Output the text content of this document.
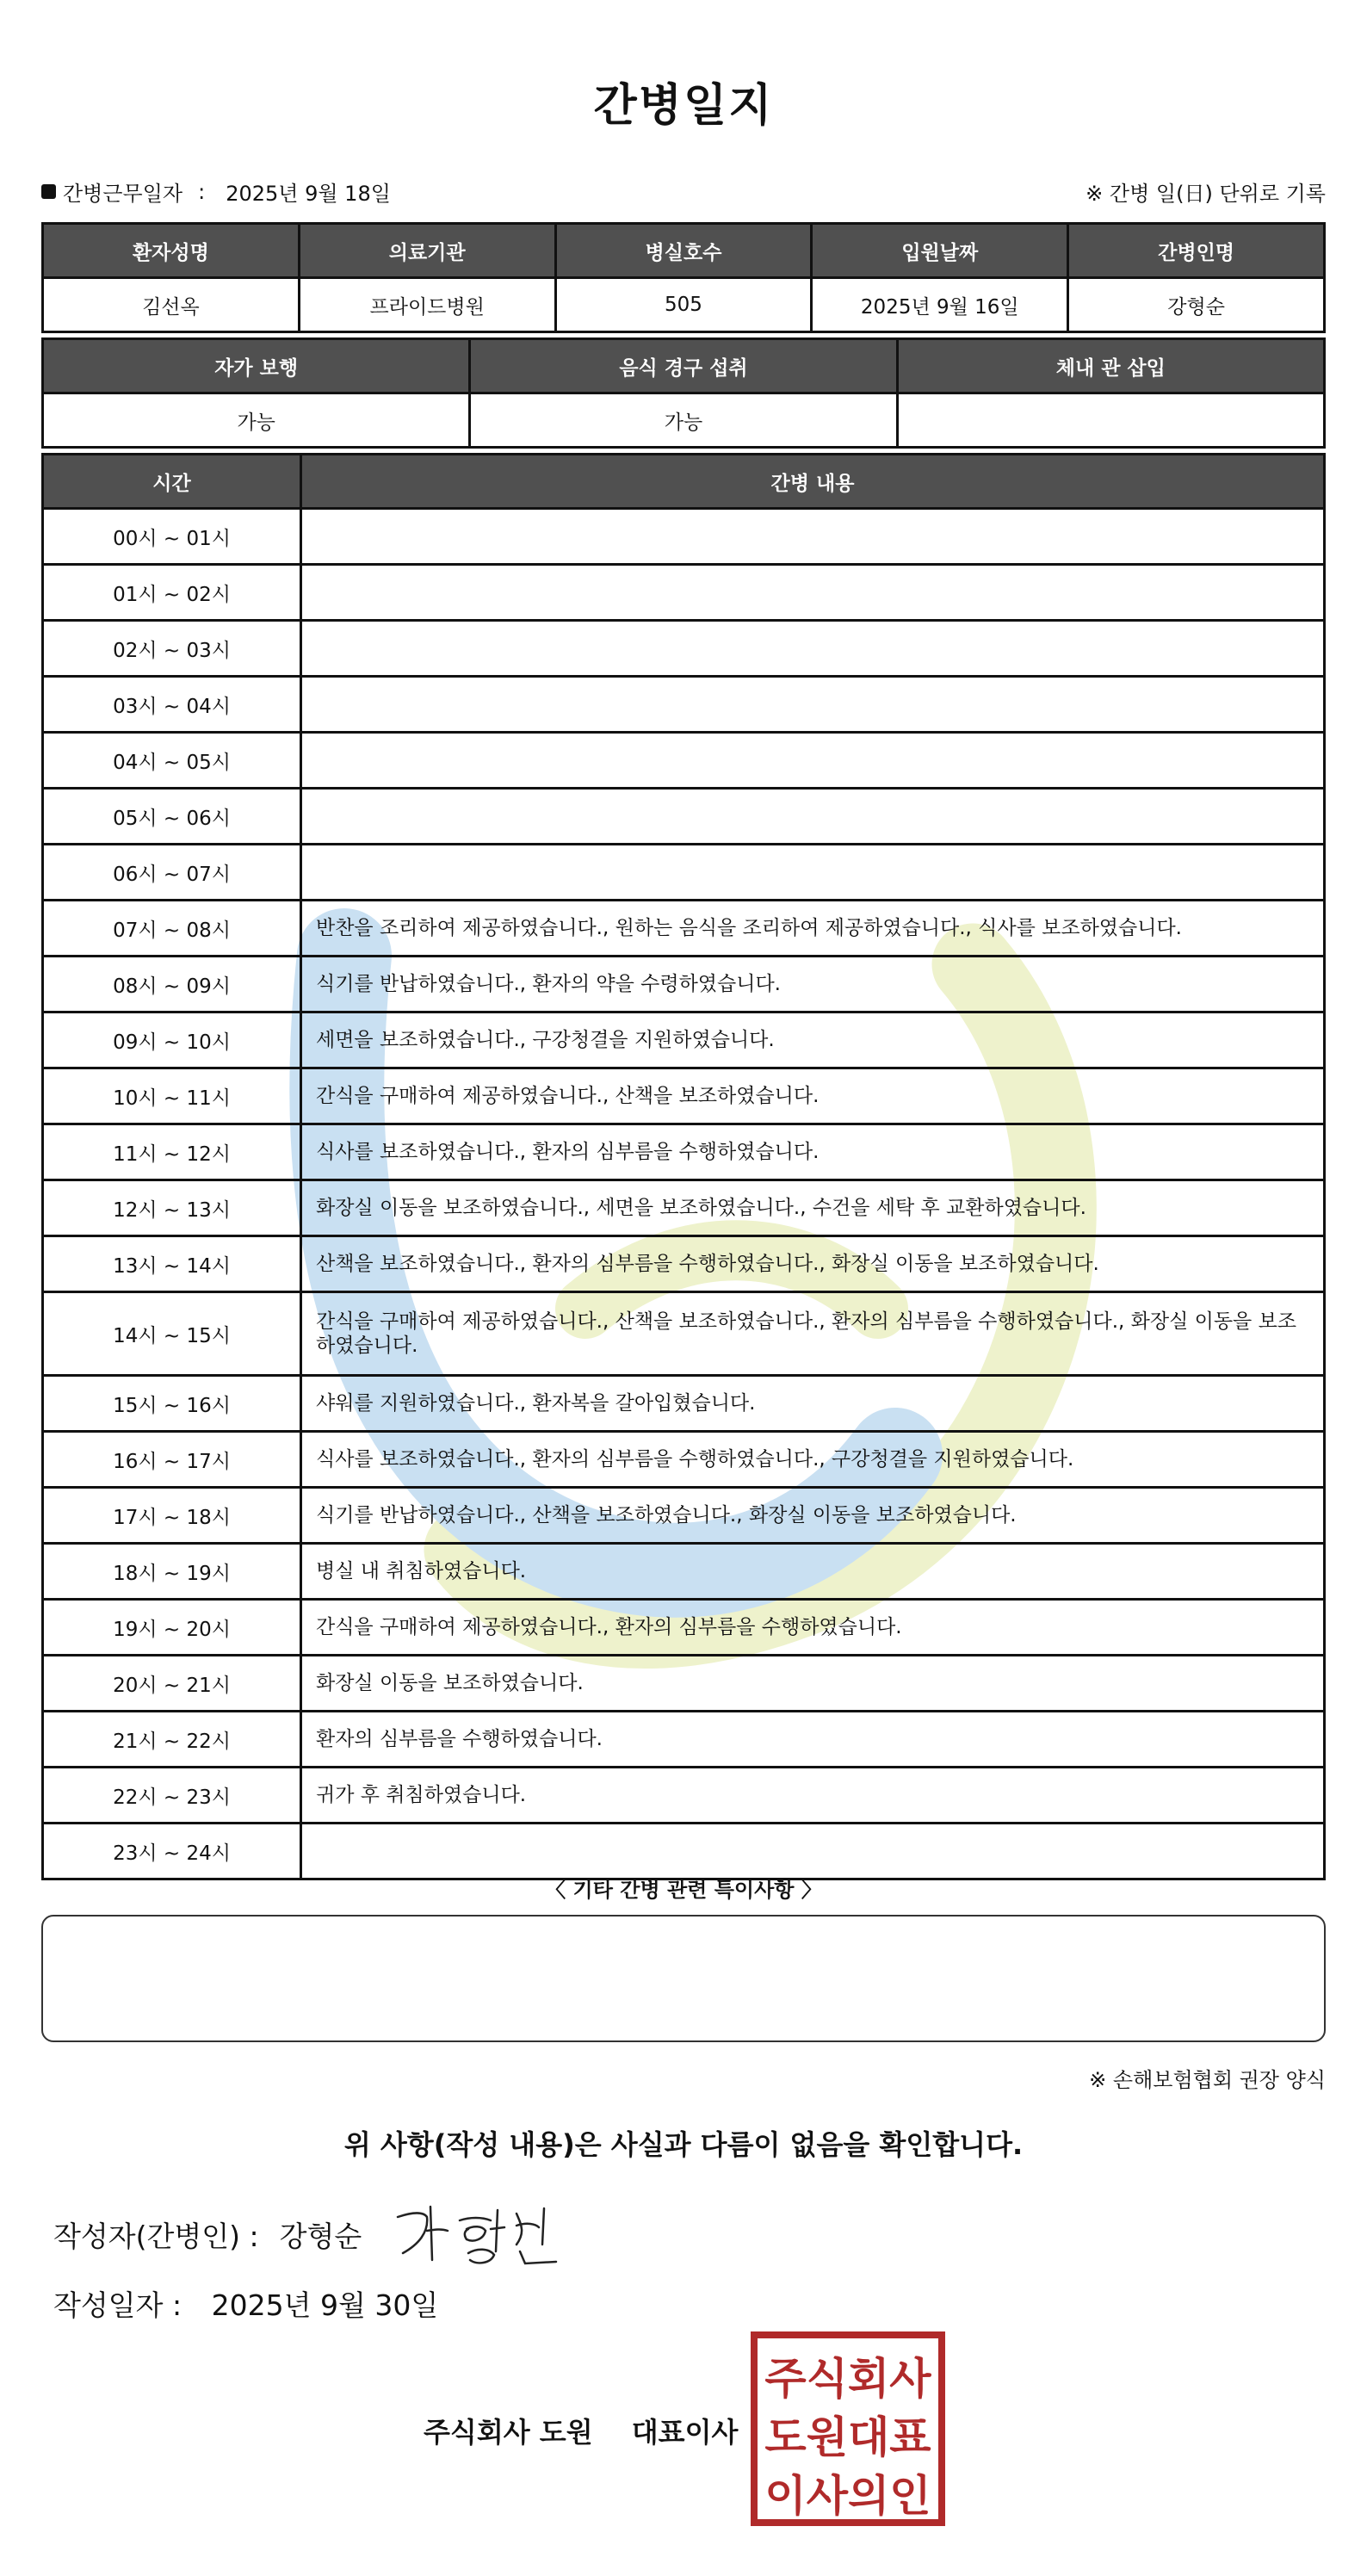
간병일지
간병근무일자 : 2025년 9월 18일	※ 간병 일(日) 단위로 기록
환자성명	의료기관	병실호수	입원날짜	간병인명
김선옥	프라이드병원	505	2025년 9월 16일	강형순
자가 보행	음식 경구 섭취	체내 관 삽입
가능	가능	
시간	간병 내용
00시 ~ 01시	
01시 ~ 02시	
02시 ~ 03시	
03시 ~ 04시	
04시 ~ 05시	
05시 ~ 06시	
06시 ~ 07시	
07시 ~ 08시	반찬을 조리하여 제공하였습니다., 원하는 음식을 조리하여 제공하였습니다., 식사를 보조하였습니다.
08시 ~ 09시	식기를 반납하였습니다., 환자의 약을 수령하였습니다.
09시 ~ 10시	세면을 보조하였습니다., 구강청결을 지원하였습니다.
10시 ~ 11시	간식을 구매하여 제공하였습니다., 산책을 보조하였습니다.
11시 ~ 12시	식사를 보조하였습니다., 환자의 심부름을 수행하였습니다.
12시 ~ 13시	화장실 이동을 보조하였습니다., 세면을 보조하였습니다., 수건을 세탁 후 교환하였습니다.
13시 ~ 14시	산책을 보조하였습니다., 환자의 심부름을 수행하였습니다., 화장실 이동을 보조하였습니다.
14시 ~ 15시	간식을 구매하여 제공하였습니다., 산책을 보조하였습니다., 환자의 심부름을 수행하였습니다., 화장실 이동을 보조하였습니다.
15시 ~ 16시	샤워를 지원하였습니다., 환자복을 갈아입혔습니다.
16시 ~ 17시	식사를 보조하였습니다., 환자의 심부름을 수행하였습니다., 구강청결을 지원하였습니다.
17시 ~ 18시	식기를 반납하였습니다., 산책을 보조하였습니다., 화장실 이동을 보조하였습니다.
18시 ~ 19시	병실 내 취침하였습니다.
19시 ~ 20시	간식을 구매하여 제공하였습니다., 환자의 심부름을 수행하였습니다.
20시 ~ 21시	화장실 이동을 보조하였습니다.
21시 ~ 22시	환자의 심부름을 수행하였습니다.
22시 ~ 23시	귀가 후 취침하였습니다.
23시 ~ 24시	
〈 기타 간병 관련 특이사항 〉
※ 손해보험협회 권장 양식
위 사항(작성 내용)은 사실과 다름이 없음을 확인합니다.
작성자(간병인) : 강형순
작성일자 : 2025년 9월 30일
주식회사 도원 대표이사
주식회사
도원대표
이사의인
